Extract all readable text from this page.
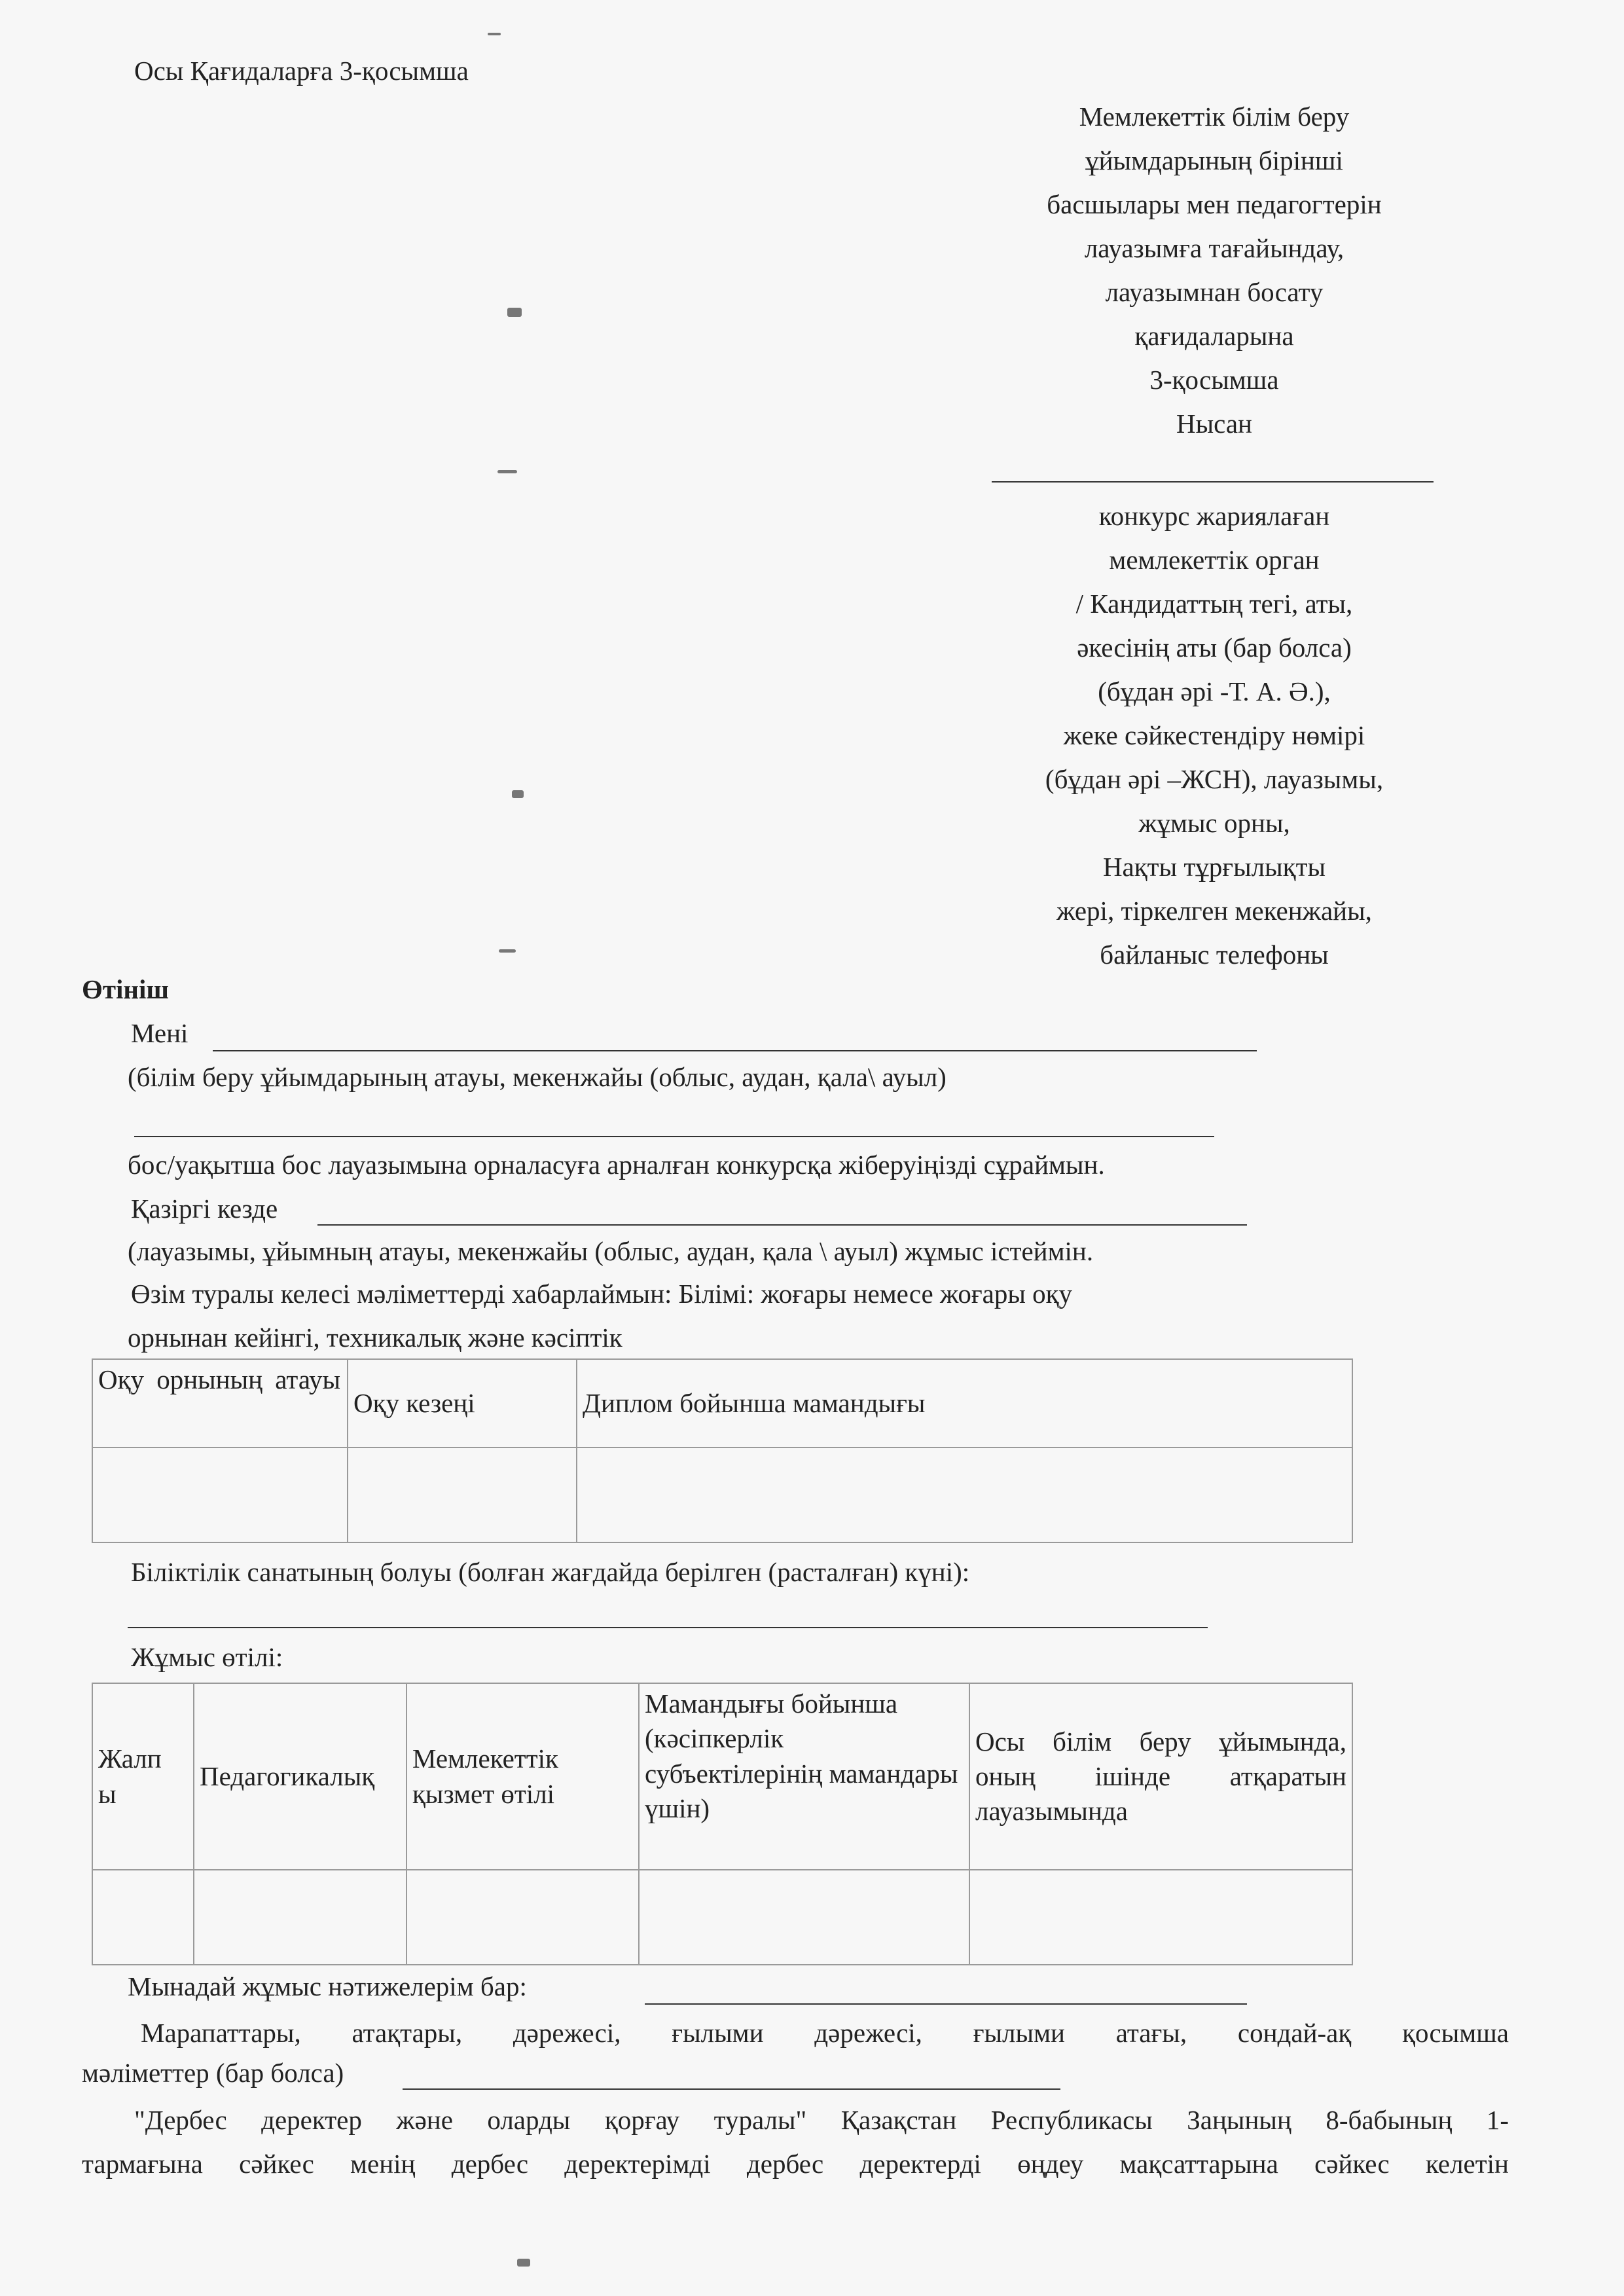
Осы Қағидаларға 3-қосымша
Мемлекеттік білім беру
ұйымдарының бірінші
басшылары мен педагогтерін
лауазымға тағайындау,
лауазымнан босату
қағидаларына
3-қосымша
Нысан
конкурс жариялаған
мемлекеттік орган
/ Кандидаттың тегі, аты,
әкесінің аты (бар болса)
(бұдан әрі -Т. А. Ә.),
жеке сәйкестендіру нөмірі
(бұдан әрі –ЖСН), лауазымы,
жұмыс орны,
Нақты тұрғылықты
жері, тіркелген мекенжайы,
байланыс телефоны
Өтініш
Мені
(білім беру ұйымдарының атауы, мекенжайы (облыс, аудан, қала\ ауыл)
бос/уақытша бос лауазымына орналасуға арналған конкурсқа жіберуіңізді сұраймын.
Қазіргі кезде
(лауазымы, ұйымның атауы, мекенжайы (облыс, аудан, қала \ ауыл) жұмыс істеймін.
Өзім туралы келесі мәліметтерді хабарлаймын: Білімі: жоғары немесе жоғары оқу
орнынан кейінгі, техникалық және кәсіптік
Оқу орнының атауы	Оқу кезеңі	Диплом бойынша мамандығы

Біліктілік санатының болуы (болған жағдайда берілген (расталған) күні):
Жұмыс өтілі:
Жалпы	Педагогикалық	Мемлекеттік қызмет өтілі	Мамандығы бойынша (кәсіпкерлік субъектілерінің мамандары үшін)	Осы білім беру ұйымында, оның ішінде атқаратын лауазымында

Мынадай жұмыс нәтижелерім бар:
Марапаттары, атақтары, дәрежесі, ғылыми дәрежесі, ғылыми атағы, сондай-ақ қосымша
мәліметтер (бар болса)
"Дербес деректер және оларды қорғау туралы" Қазақстан Республикасы Заңының 8-бабының 1-
тармағына сәйкес менің дербес деректерімді дербес деректерді өңдеу мақсаттарына сәйкес келетін
